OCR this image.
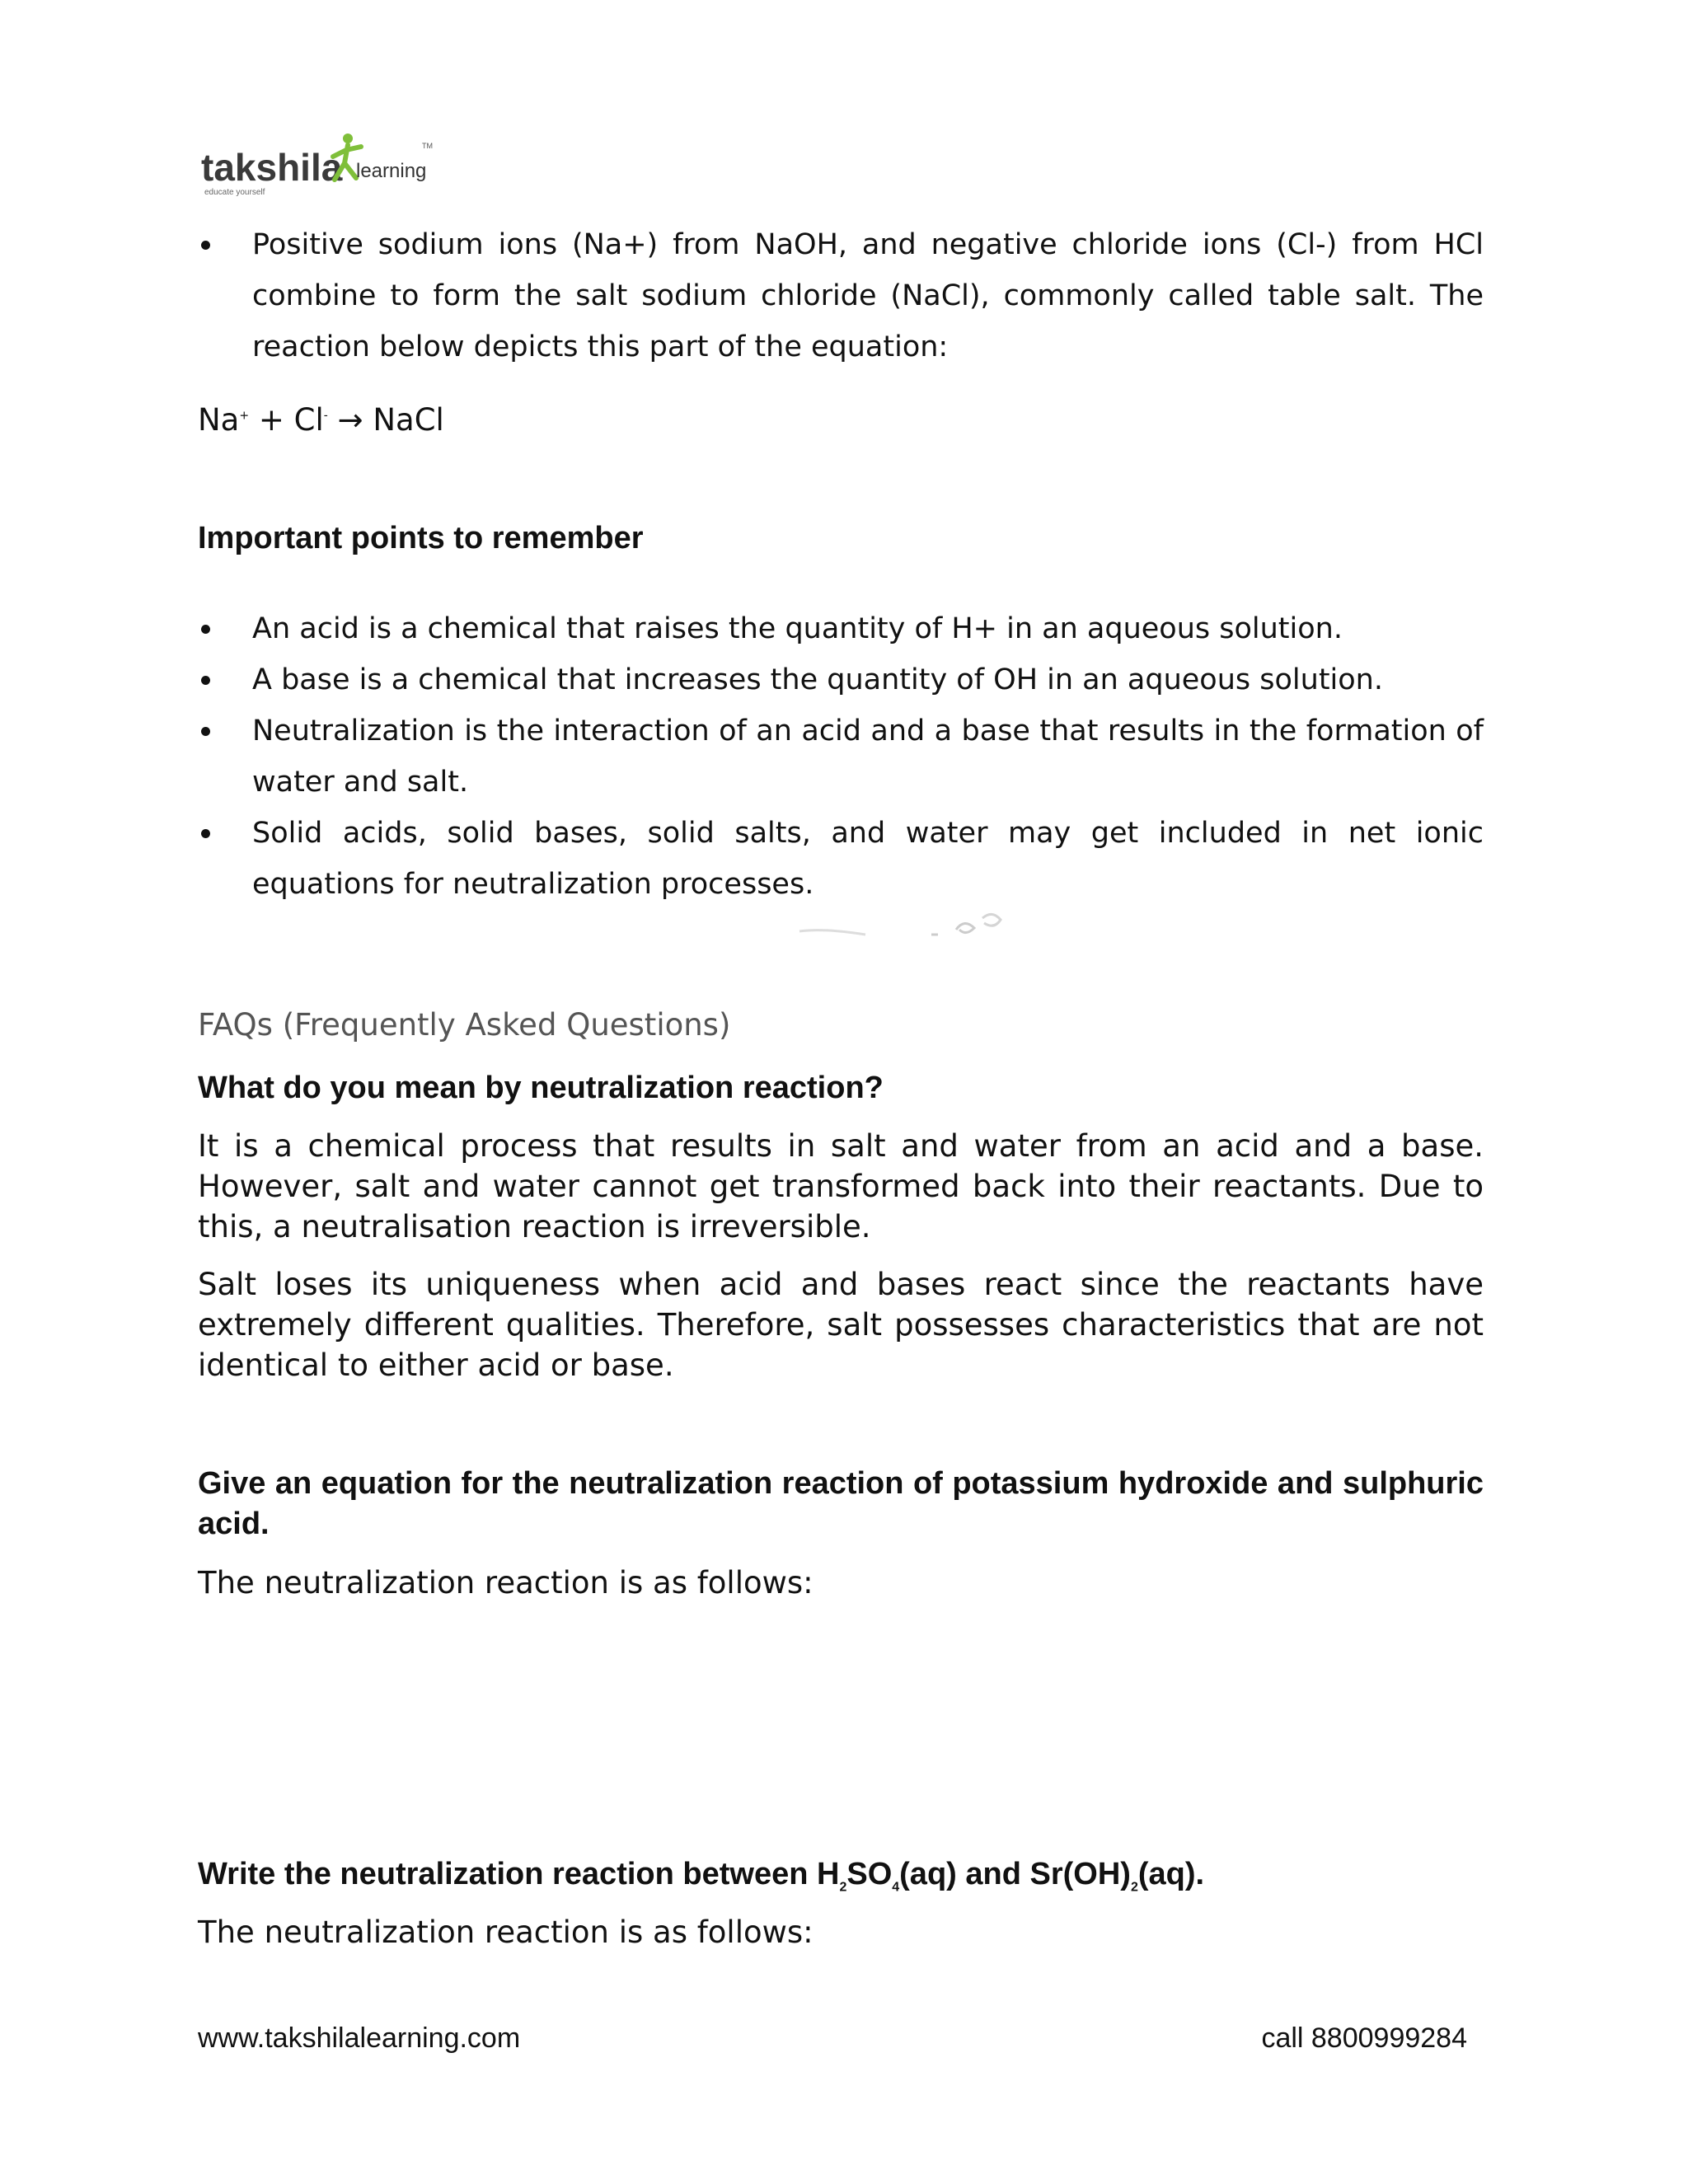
takshila learning
TM
educate yourself
Positive sodium ions (Na+) from NaOH, and negative chloride ions (Cl-) from HCl combine to form the salt sodium chloride (NaCl), commonly called table salt. The reaction below depicts this part of the equation:
Na+ + Cl- → NaCl
Important points to remember
An acid is a chemical that raises the quantity of H+ in an aqueous solution.
A base is a chemical that increases the quantity of OH in an aqueous solution.
Neutralization is the interaction of an acid and a base that results in the formation of water and salt.
Solid acids, solid bases, solid salts, and water may get included in net ionic equations for neutralization processes.
FAQs (Frequently Asked Questions)

What do you mean by neutralization reaction?

It is a chemical process that results in salt and water from an acid and a base. However, salt and water cannot get transformed back into their reactants. Due to this, a neutralisation reaction is irreversible.

Salt loses its uniqueness when acid and bases react since the reactants have extremely different qualities. Therefore, salt possesses characteristics that are not identical to either acid or base.

Give an equation for the neutralization reaction of potassium hydroxide and sulphuric acid.

The neutralization reaction is as follows:

Write the neutralization reaction between $H_2SO_4(aq)$ and $Sr(OH)_2(aq)$.

The neutralization reaction is as follows:

www.takshilalearning.com	call 8800999284
